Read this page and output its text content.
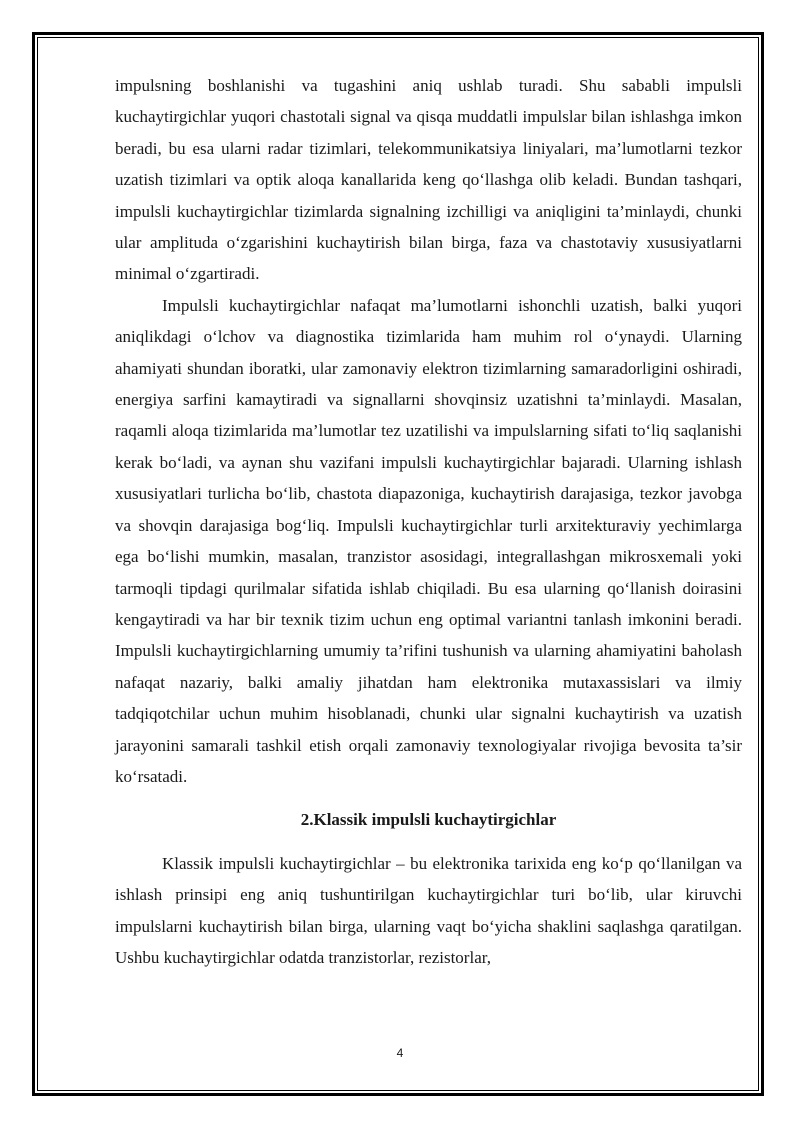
impulsning boshlanishi va tugashini aniq ushlab turadi. Shu sababli impulsli kuchaytirgichlar yuqori chastotali signal va qisqa muddatli impulslar bilan ishlashga imkon beradi, bu esa ularni radar tizimlari, telekommunikatsiya liniyalari, ma’lumotlarni tezkor uzatish tizimlari va optik aloqa kanallarida keng qo‘llashga olib keladi. Bundan tashqari, impulsli kuchaytirgichlar tizimlarda signalning izchilligi va aniqligini ta’minlaydi, chunki ular amplituda o‘zgarishini kuchaytirish bilan birga, faza va chastotaviy xususiyatlarni minimal o‘zgartiradi.

Impulsli kuchaytirgichlar nafaqat ma’lumotlarni ishonchli uzatish, balki yuqori aniqlikdagi o‘lchov va diagnostika tizimlarida ham muhim rol o‘ynaydi. Ularning ahamiyati shundan iboratki, ular zamonaviy elektron tizimlarning samaradorligini oshiradi, energiya sarfini kamaytiradi va signallarni shovqinsiz uzatishni ta’minlaydi. Masalan, raqamli aloqa tizimlarida ma’lumotlar tez uzatilishi va impulslarning sifati to‘liq saqlanishi kerak bo‘ladi, va aynan shu vazifani impulsli kuchaytirgichlar bajaradi. Ularning ishlash xususiyatlari turlicha bo‘lib, chastota diapazoniga, kuchaytirish darajasiga, tezkor javobga va shovqin darajasiga bog‘liq. Impulsli kuchaytirgichlar turli arxitekturaviy yechimlarga ega bo‘lishi mumkin, masalan, tranzistor asosidagi, integrallashgan mikrosxemali yoki tarmoqli tipdagi qurilmalar sifatida ishlab chiqiladi. Bu esa ularning qo‘llanish doirasini kengaytiradi va har bir texnik tizim uchun eng optimal variantni tanlash imkonini beradi. Impulsli kuchaytirgichlarning umumiy ta’rifini tushunish va ularning ahamiyatini baholash nafaqat nazariy, balki amaliy jihatdan ham elektronika mutaxassislari va ilmiy tadqiqotchilar uchun muhim hisoblanadi, chunki ular signalni kuchaytirish va uzatish jarayonini samarali tashkil etish orqali zamonaviy texnologiyalar rivojiga bevosita ta’sir ko‘rsatadi.

2.Klassik impulsli kuchaytirgichlar

Klassik impulsli kuchaytirgichlar – bu elektronika tarixida eng ko‘p qo‘llanilgan va ishlash prinsipi eng aniq tushuntirilgan kuchaytirgichlar turi bo‘lib, ular kiruvchi impulslarni kuchaytirish bilan birga, ularning vaqt bo‘yicha shaklini saqlashga qaratilgan. Ushbu kuchaytirgichlar odatda tranzistorlar, rezistorlar,

4
